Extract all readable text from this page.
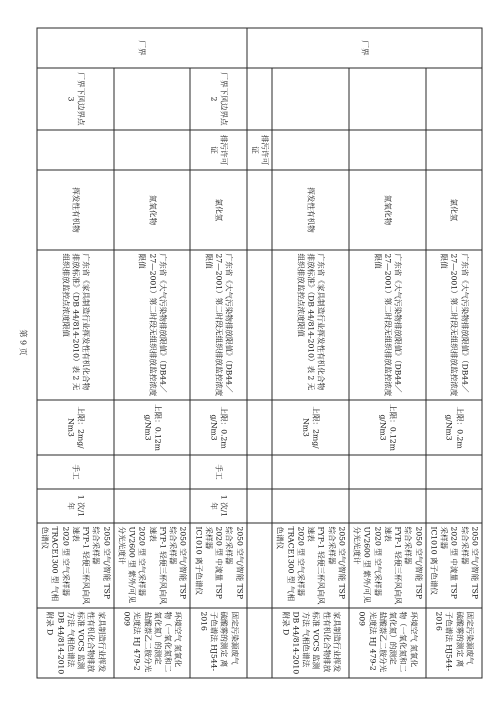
厂界			氯化氢	广东省《大气污染物排放限值》（DB44／27—2001）第二时段无组织排放监控浓度限值	上限：0.2mg/Nm3			2050 空气/智能 TSP 综合采样器
2020 型 中流量 TSP 采样器
IC1010 离子色谱仪	固定污染源废气 硫酸雾的测定 离子色谱法 HJ544-2016
			氮氧化物	广东省《大气污染物排放限值》（DB44／27—2001）第二时段无组织排放监控浓度限值	上限：0.12mg/Nm3			2050 空气/智能 TSP 综合采样器
FYP-1 轻便三杯风向风速表
2020 型 空气采样器
UV2600 型 紫外/可见分光光度计	环境空气 氮氧化物（一氧化氮和二氧化氮）的测定 盐酸萘乙二胺分光光度法 HJ 479-2009
			挥发性有机物	广东省《家具制造行业挥发性有机化合物排放标准》（DB 44/814-2010）表 2 无组织排放监控点浓度限值	上限：2mg/Nm3			2050 空气/智能 TSP 综合采样器
FYP-1 轻便三杯风向风速表
2020 型 空气采样器
TRACE1300 型 气相色谱仪	家具制造行业挥发性有机化合物排放标准 VOCS 监测方法 气相色谱法 DB 44/814-2010 附录 D
		排污许可证							
厂界	厂界下风边界点 2	排污许可证	氯化氢	广东省《大气污染物排放限值》（DB44／27—2001）第二时段无组织排放监控浓度限值	上限：0.2mg/Nm3	手工	1 次/1 年	2050 空气/智能 TSP 综合采样器
2020 型 中流量 TSP 采样器
IC1010 离子色谱仪	固定污染源废气 硫酸雾的测定 离子色谱法 HJ544-2016
			氮氧化物	广东省《大气污染物排放限值》（DB44／27—2001）第二时段无组织排放监控浓度限值	上限：0.12mg/Nm3			2050 空气/智能 TSP 综合采样器
FYP-1 轻便三杯风向风速表
2020 型 空气采样器
UV2600 型 紫外/可见分光光度计	环境空气 氮氧化物（一氧化氮和二氧化氮）的测定 盐酸萘乙二胺分光光度法 HJ 479-2009
	厂界下风边界点 3		挥发性有机物	广东省《家具制造行业挥发性有机化合物排放标准》（DB 44/814-2010）表 2 无组织排放监控点浓度限值	上限：2mg/Nm3	手工	1 次/1 年	2050 空气/智能 TSP 综合采样器
FYP-1 轻便三杯风向风速表
2020 型 空气采样器
TRACE1300 型 气相色谱仪	家具制造行业挥发性有机化合物排放标准 VOCS 监测方法 气相色谱法 DB 44/814-2010 附录 D
第 9 页
